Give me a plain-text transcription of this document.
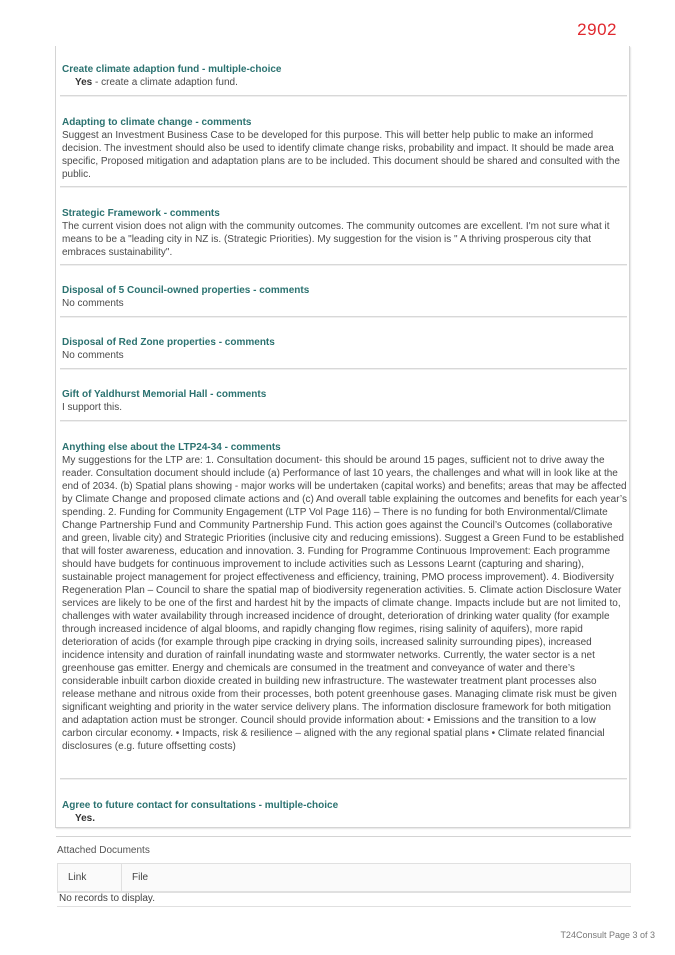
2902
Create climate adaption fund - multiple-choice
Yes - create a climate adaption fund.
Adapting to climate change - comments
Suggest an Investment Business Case to be developed for this purpose. This will better help public to make an informed decision. The investment should also be used to identify climate change risks, probability and impact. It should be made area specific, Proposed mitigation and adaptation plans are to be included. This document should be shared and consulted with the public.
Strategic Framework - comments
The current vision does not align with the community outcomes. The community outcomes are excellent. I'm not sure what it means to be a "leading city in NZ is. (Strategic Priorities). My suggestion for the vision is " A thriving prosperous city that embraces sustainability".
Disposal of 5 Council-owned properties - comments
No comments
Disposal of Red Zone properties - comments
No comments
Gift of Yaldhurst Memorial Hall - comments
I support this.
Anything else about the LTP24-34 - comments
My suggestions for the LTP are: 1. Consultation document- this should be around 15 pages, sufficient not to drive away the reader. Consultation document should include (a) Performance of last 10 years, the challenges and what will in look like at the end of 2034. (b) Spatial plans showing - major works will be undertaken (capital works) and benefits; areas that may be affected by Climate Change and proposed climate actions and (c) And overall table explaining the outcomes and benefits for each year’s spending. 2. Funding for Community Engagement (LTP Vol Page 116) – There is no funding for both Environmental/Climate Change Partnership Fund and Community Partnership Fund. This action goes against the Council’s Outcomes (collaborative and green, livable city) and Strategic Priorities (inclusive city and reducing emissions). Suggest a Green Fund to be established that will foster awareness, education and innovation. 3. Funding for Programme Continuous Improvement: Each programme should have budgets for continuous improvement to include activities such as Lessons Learnt (capturing and sharing), sustainable project management for project effectiveness and efficiency, training, PMO process improvement). 4. Biodiversity Regeneration Plan – Council to share the spatial map of biodiversity regeneration activities. 5. Climate action Disclosure Water services are likely to be one of the first and hardest hit by the impacts of climate change. Impacts include but are not limited to, challenges with water availability through increased incidence of drought, deterioration of drinking water quality (for example through increased incidence of algal blooms, and rapidly changing flow regimes, rising salinity of aquifers), more rapid deterioration of acids (for example through pipe cracking in drying soils, increased salinity surrounding pipes), increased incidence intensity and duration of rainfall inundating waste and stormwater networks. Currently, the water sector is a net greenhouse gas emitter. Energy and chemicals are consumed in the treatment and conveyance of water and there’s considerable inbuilt carbon dioxide created in building new infrastructure. The wastewater treatment plant processes also release methane and nitrous oxide from their processes, both potent greenhouse gases. Managing climate risk must be given significant weighting and priority in the water service delivery plans. The information disclosure framework for both mitigation and adaptation action must be stronger. Council should provide information about: • Emissions and the transition to a low carbon circular economy. • Impacts, risk & resilience – aligned with the any regional spatial plans • Climate related financial disclosures (e.g. future offsetting costs)
Agree to future contact for consultations - multiple-choice
Yes.
Attached Documents
Link	File
No records to display.
T24Consult Page 3 of 3
